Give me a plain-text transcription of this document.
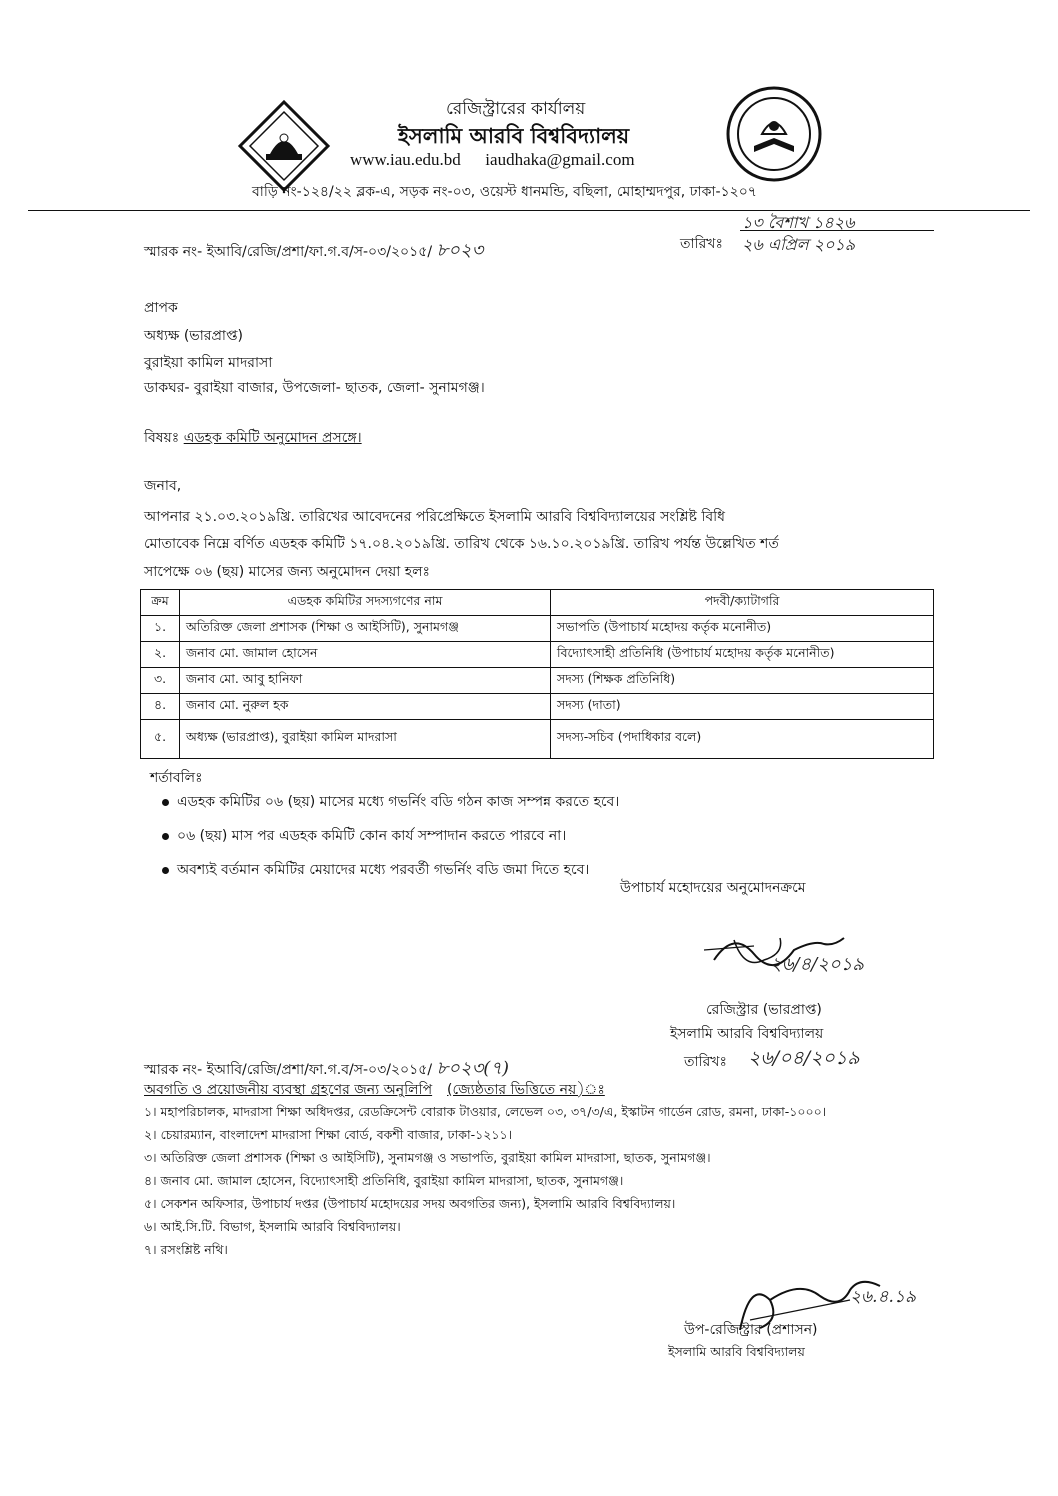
রেজিস্ট্রারের কার্যালয়
ইসলামি আরবি বিশ্ববিদ্যালয়
www.iau.edu.bd iaudhaka@gmail.com
বাড়ি নং-১২৪/২২ ব্লক-এ, সড়ক নং-০৩, ওয়েস্ট ধানমন্ডি, বছিলা, মোহাম্মদপুর, ঢাকা-১২০৭
স্মারক নং- ইআবি/রেজি/প্রশা/ফা.গ.ব/স-০৩/২০১৫/ ৮০২৩	তারিখঃ
১৩ বৈশাখ ১৪২৬
২৬ এপ্রিল ২০১৯
প্রাপক
অধ্যক্ষ (ভারপ্রাপ্ত)
বুরাইয়া কামিল মাদরাসা
ডাকঘর- বুরাইয়া বাজার, উপজেলা- ছাতক, জেলা- সুনামগঞ্জ।
বিষয়ঃ এডহক কমিটি অনুমোদন প্রসঙ্গে।
জনাব,
আপনার ২১.০৩.২০১৯খ্রি. তারিখের আবেদনের পরিপ্রেক্ষিতে ইসলামি আরবি বিশ্ববিদ্যালয়ের সংশ্লিষ্ট বিধি
মোতাবেক নিম্নে বর্ণিত এডহক কমিটি ১৭.০৪.২০১৯খ্রি. তারিখ থেকে ১৬.১০.২০১৯খ্রি. তারিখ পর্যন্ত উল্লেখিত শর্ত
সাপেক্ষে ০৬ (ছয়) মাসের জন্য অনুমোদন দেয়া হলঃ
ক্রম	এডহক কমিটির সদস্যগণের নাম	পদবী/ক্যাটাগরি
১.	অতিরিক্ত জেলা প্রশাসক (শিক্ষা ও আইসিটি), সুনামগঞ্জ	সভাপতি (উপাচার্য মহোদয় কর্তৃক মনোনীত)
২.	জনাব মো. জামাল হোসেন	বিদ্যোৎসাহী প্রতিনিধি (উপাচার্য মহোদয় কর্তৃক মনোনীত)
৩.	জনাব মো. আবু হানিফা	সদস্য (শিক্ষক প্রতিনিধি)
৪.	জনাব মো. নুরুল হক	সদস্য (দাতা)
৫.	অধ্যক্ষ (ভারপ্রাপ্ত), বুরাইয়া কামিল মাদরাসা	সদস্য-সচিব (পদাধিকার বলে)
শর্তাবলিঃ
এডহক কমিটির ০৬ (ছয়) মাসের মধ্যে গভর্নিং বডি গঠন কাজ সম্পন্ন করতে হবে।
০৬ (ছয়) মাস পর এডহক কমিটি কোন কার্য সম্পাদান করতে পারবে না।
অবশ্যই বর্তমান কমিটির মেয়াদের মধ্যে পরবর্তী গভর্নিং বডি জমা দিতে হবে।
উপাচার্য মহোদয়ের অনুমোদনক্রমে
২৬/৪/২০১৯
রেজিস্ট্রার (ভারপ্রাপ্ত)
ইসলামি আরবি বিশ্ববিদ্যালয়
তারিখঃ ২৬/০৪/২০১৯
স্মারক নং- ইআবি/রেজি/প্রশা/ফা.গ.ব/স-০৩/২০১৫/ ৮০২৩(৭)
অবগতি ও প্রয়োজনীয় ব্যবস্থা গ্রহণের জন্য অনুলিপি (জ্যেষ্ঠতার ভিত্তিতে নয়)ঃ
১। মহাপরিচালক, মাদরাসা শিক্ষা অধিদপ্তর, রেডক্রিসেন্ট বোরাক টাওয়ার, লেভেল ০৩, ৩৭/৩/এ, ইস্কাটন গার্ডেন রোড, রমনা, ঢাকা-১০০০।
২। চেয়ারম্যান, বাংলাদেশ মাদরাসা শিক্ষা বোর্ড, বকশী বাজার, ঢাকা-১২১১।
৩। অতিরিক্ত জেলা প্রশাসক (শিক্ষা ও আইসিটি), সুনামগঞ্জ ও সভাপতি, বুরাইয়া কামিল মাদরাসা, ছাতক, সুনামগঞ্জ।
৪। জনাব মো. জামাল হোসেন, বিদ্যোৎসাহী প্রতিনিধি, বুরাইয়া কামিল মাদরাসা, ছাতক, সুনামগঞ্জ।
৫। সেকশন অফিসার, উপাচার্য দপ্তর (উপাচার্য মহোদয়ের সদয় অবগতির জন্য), ইসলামি আরবি বিশ্ববিদ্যালয়।
৬। আই.সি.টি. বিভাগ, ইসলামি আরবি বিশ্ববিদ্যালয়।
৭। রসংশ্লিষ্ট নথি।
২৬.৪.১৯
উপ-রেজিস্ট্রার (প্রশাসন)
ইসলামি আরবি বিশ্ববিদ্যালয়
